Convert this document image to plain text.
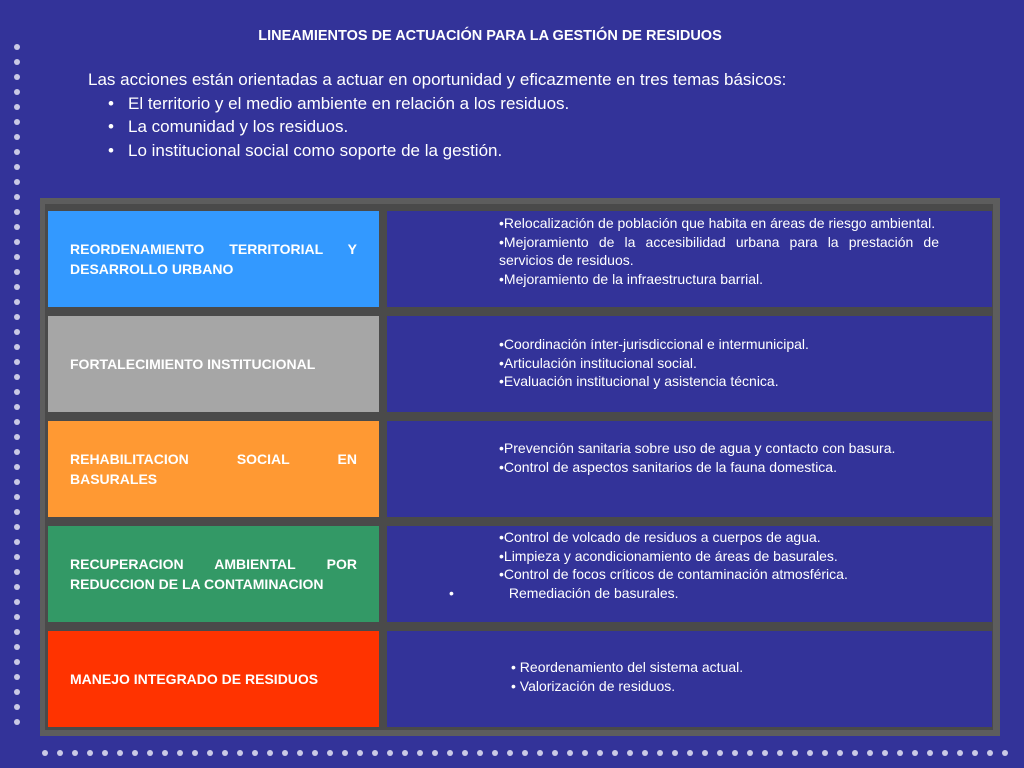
LINEAMIENTOS DE ACTUACIÓN PARA LA GESTIÓN DE RESIDUOS
Las acciones están orientadas a actuar en oportunidad y eficazmente en tres temas básicos:
• El territorio y el medio ambiente en relación a los residuos.
• La comunidad y los residuos.
• Lo institucional social como soporte de la gestión.
REORDENAMIENTO TERRITORIAL Y DESARROLLO URBANO
•Relocalización de población que habita en áreas de riesgo ambiental.
•Mejoramiento de la accesibilidad urbana para la prestación de servicios de residuos.
•Mejoramiento de la infraestructura barrial.
FORTALECIMIENTO INSTITUCIONAL
•Coordinación ínter-jurisdiccional e intermunicipal.
•Articulación institucional social.
•Evaluación institucional y asistencia técnica.
REHABILITACION SOCIAL EN BASURALES
•Prevención sanitaria sobre uso de agua y contacto con basura.
•Control de aspectos sanitarios de la fauna domestica.
RECUPERACION AMBIENTAL POR REDUCCION DE LA CONTAMINACION
•Control de volcado de residuos a cuerpos de agua.
•Limpieza y acondicionamiento de áreas de basurales.
•Control de focos críticos de contaminación atmosférica.
•	Remediación de basurales.
MANEJO INTEGRADO DE RESIDUOS
• Reordenamiento del sistema actual.
• Valorización de residuos.
